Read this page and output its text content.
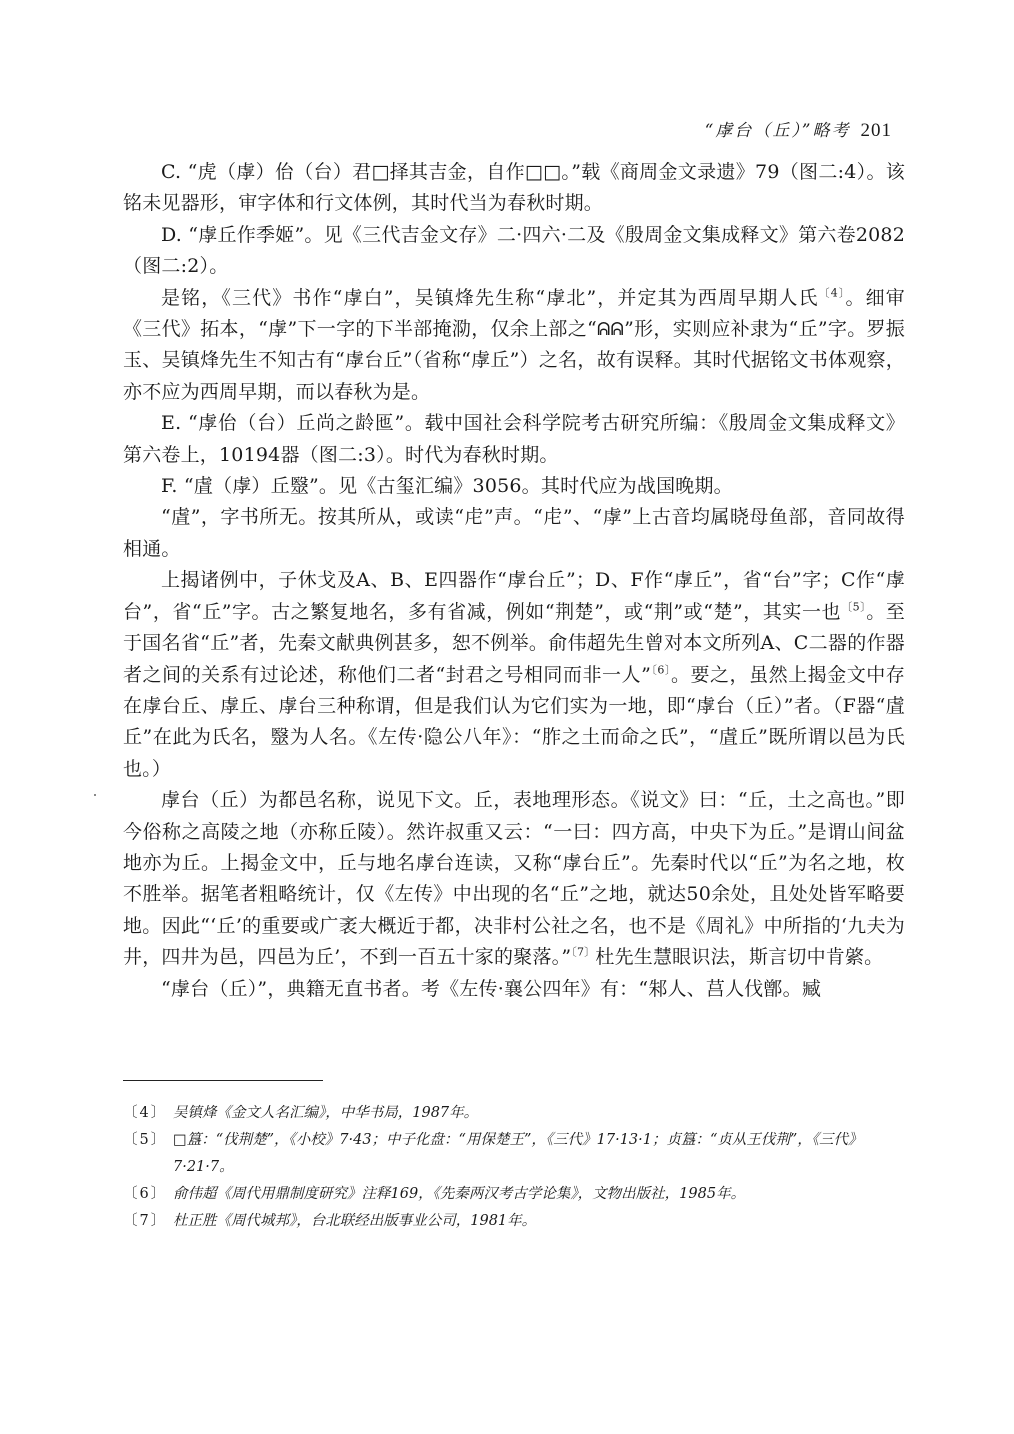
“虖台（丘）”略考 201

C. “虎（虖）佁（台）君□择其吉金，自作□□。”载《商周金文录遗》79（图二:4）。该铭未见器形，审字体和行文体例，其时代当为春秋时期。

D. “虖丘作季姬”。见《三代吉金文存》二·四六·二及《殷周金文集成释文》第六卷2082（图二:2）。

是铭，《三代》书作“虖白”，吴镇烽先生称“虖北”，并定其为西周早期人氏$^{〔4〕}$。细审《三代》拓本，“虖”下一字的下半部掩泐，仅余上部之“ᕱᕱ”形，实则应补隶为“丘”字。罗振玉、吴镇烽先生不知古有“虖台丘”（省称“虖丘”）之名，故有误释。其时代据铭文书体观察，亦不应为西周早期，而以春秋为是。

E. “虖佁（台）丘尚之龄匜”。载中国社会科学院考古研究所编：《殷周金文集成释文》第六卷上，10194器（图二:3）。时代为春秋时期。

F. “虘（虖）丘毉”。见《古玺汇编》3056。其时代应为战国晚期。

“虘”，字书所无。按其所从，或读“虍”声。“虍”、“虖”上古音均属晓母鱼部，音同故得相通。

上揭诸例中，子休戈及A、B、E四器作“虖台丘”；D、F作“虖丘”，省“台”字；C作“虖台”，省“丘”字。古之繁复地名，多有省减，例如“荆楚”，或“荆”或“楚”，其实一也$^{〔5〕}$。至于国名省“丘”者，先秦文献典例甚多，恕不例举。俞伟超先生曾对本文所列A、C二器的作器者之间的关系有过论述，称他们二者“封君之号相同而非一人”$^{〔6〕}$。要之，虽然上揭金文中存在虖台丘、虖丘、虖台三种称谓，但是我们认为它们实为一地，即“虖台（丘）”者。（F器“虘丘”在此为氏名，毉为人名。《左传·隐公八年》：“胙之土而命之氏”，“虘丘”既所谓以邑为氏也。）

虖台（丘）为都邑名称，说见下文。丘，表地理形态。《说文》曰：“丘，土之高也。”即今俗称之高陵之地（亦称丘陵）。然许叔重又云：“一曰：四方高，中央下为丘。”是谓山间盆地亦为丘。上揭金文中，丘与地名虖台连读，又称“虖台丘”。先秦时代以“丘”为名之地，枚不胜举。据笔者粗略统计，仅《左传》中出现的名“丘”之地，就达50余处，且处处皆军略要地。因此“‘丘’的重要或广袤大概近于都，决非村公社之名，也不是《周礼》中所指的‘九夫为井，四井为邑，四邑为丘’，不到一百五十家的聚落。”$^{〔7〕}$杜先生慧眼识法，斯言切中肯綮。

“虖台（丘）”，典籍无直书者。考《左传·襄公四年》有：“邾人、莒人伐鄫。臧

〔4〕 吴镇烽《金文人名汇编》，中华书局，1987年。
〔5〕 □簋：“伐荆楚”，《小校》7·43；中子化盘：“用保楚王”，《三代》17·13·1；贞簋：“贞从王伐荆”，《三代》7·21·7。
〔6〕 俞伟超《周代用鼎制度研究》注释169，《先秦两汉考古学论集》，文物出版社，1985年。
〔7〕 杜正胜《周代城邦》，台北联经出版事业公司，1981年。
